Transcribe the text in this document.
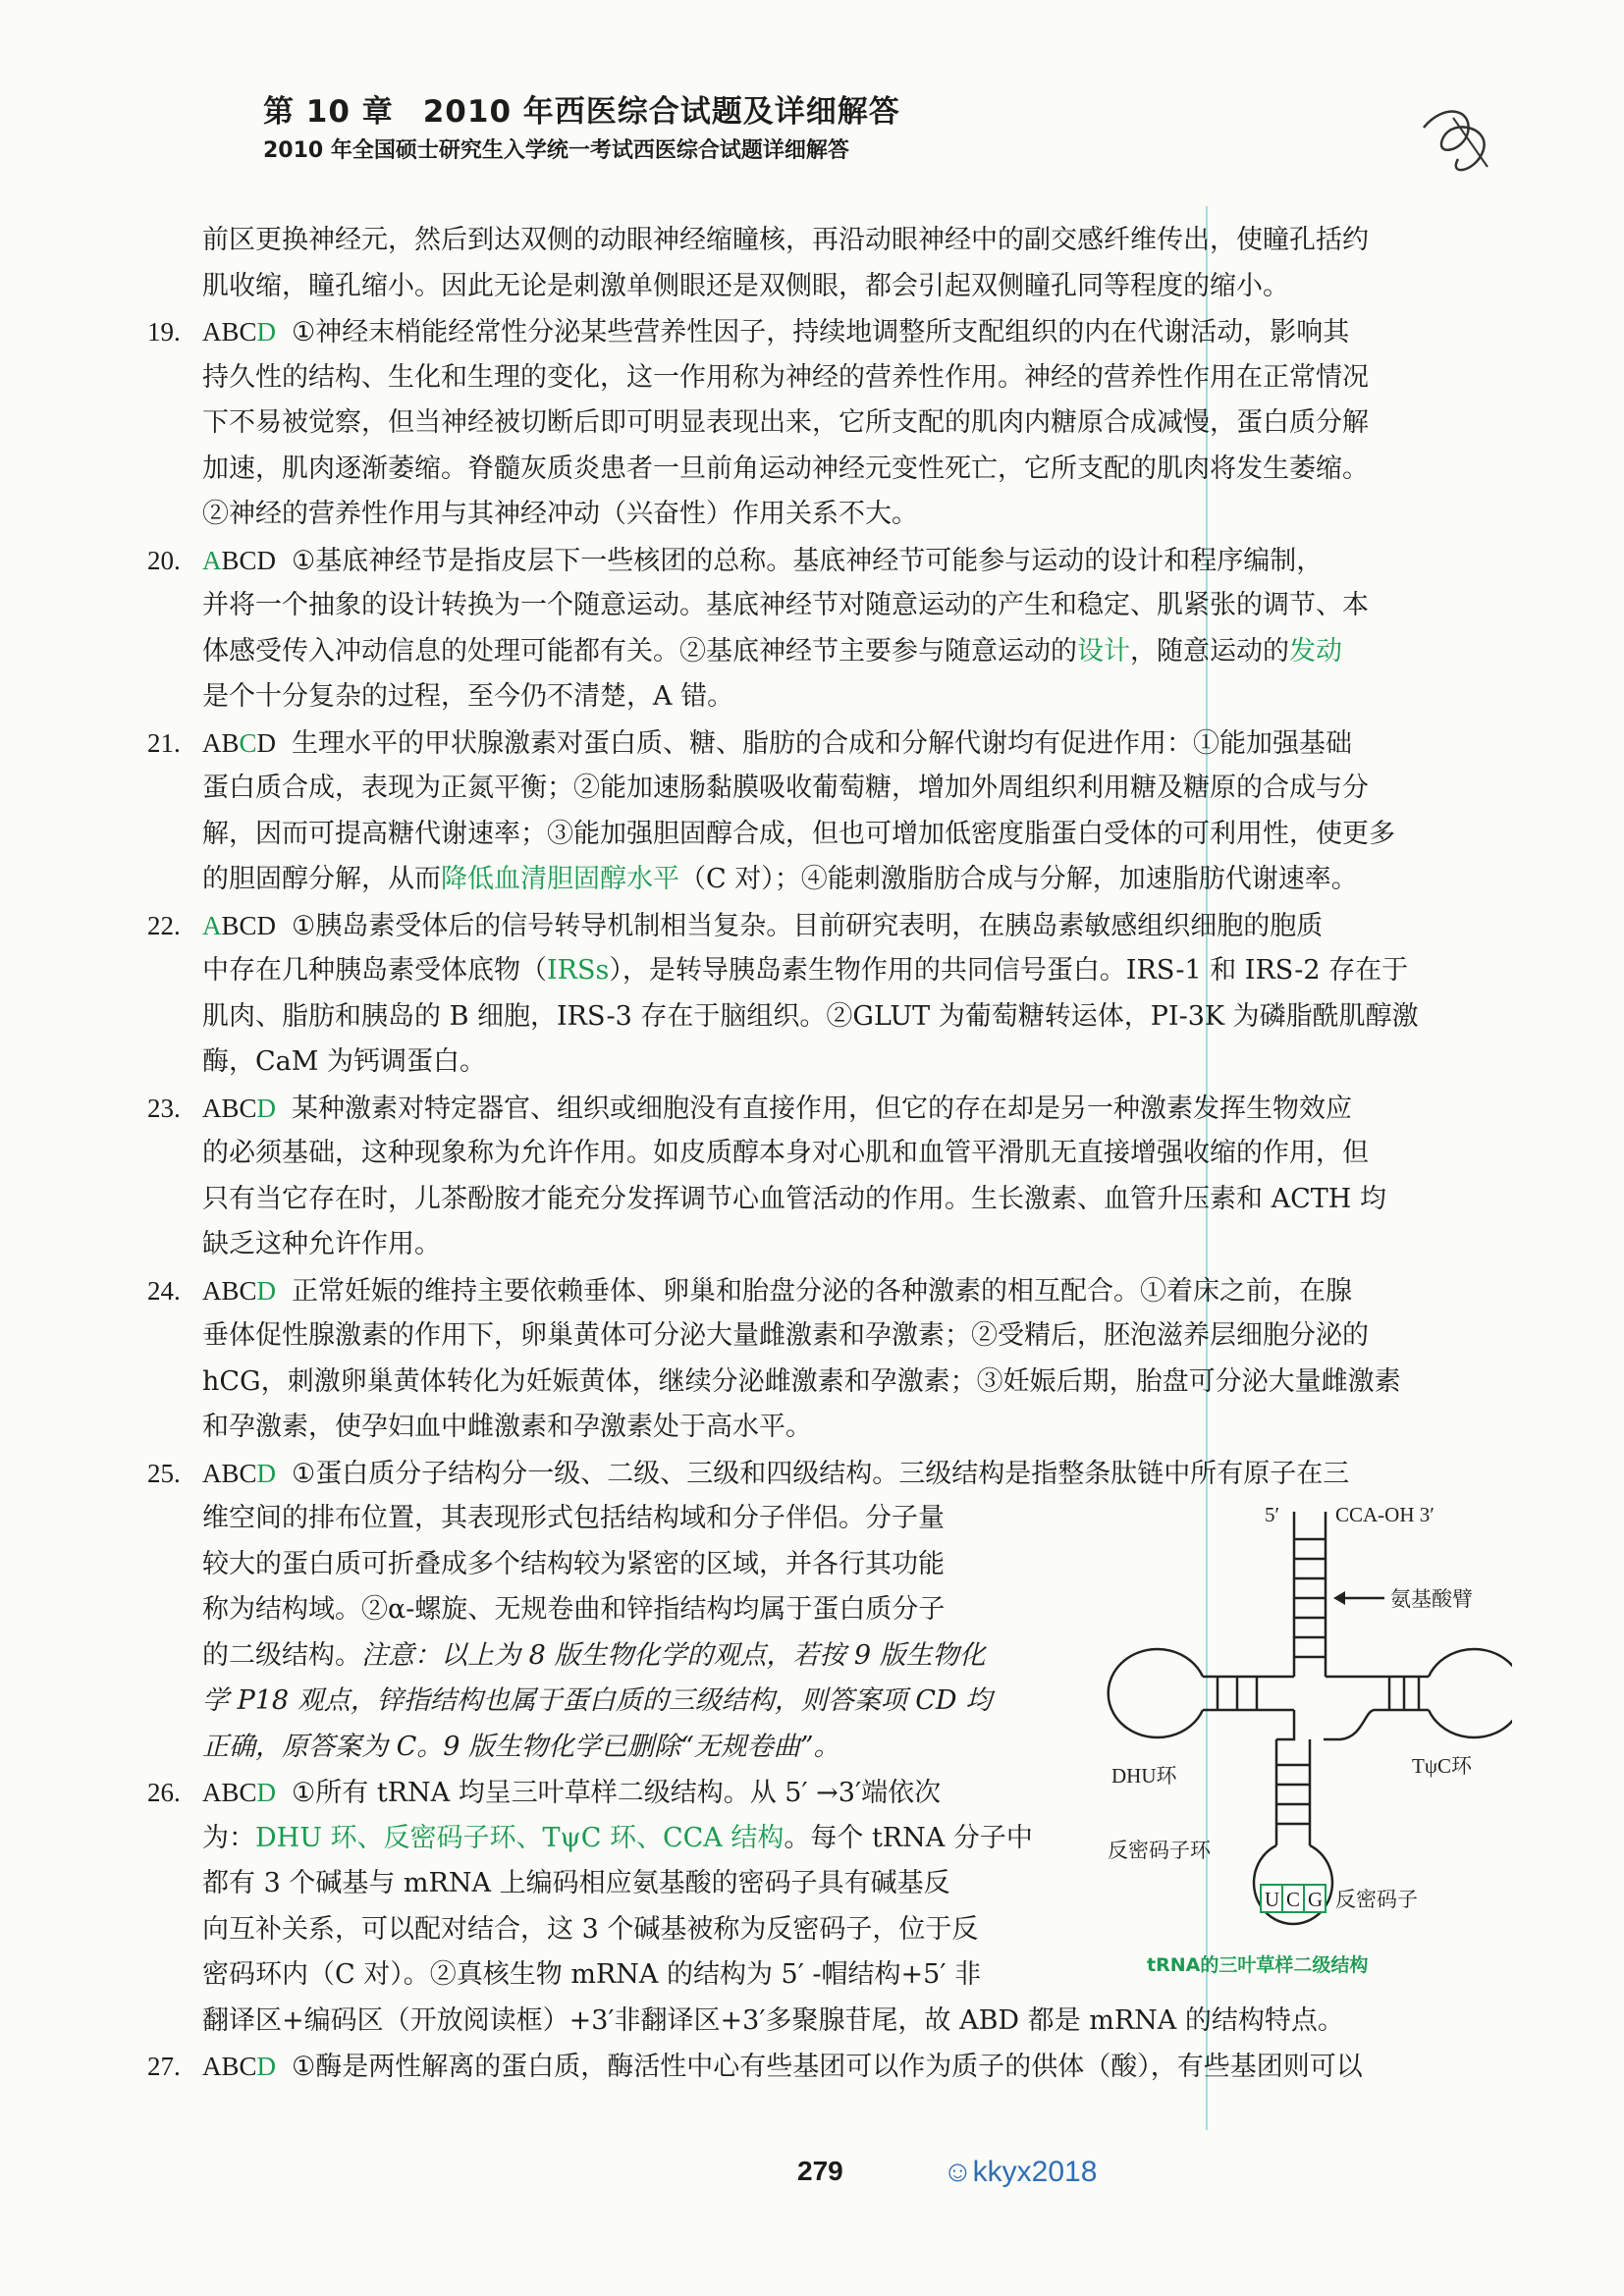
第 10 章 2010 年西医综合试题及详细解答
2010 年全国硕士研究生入学统一考试西医综合试题详细解答
前区更换神经元，然后到达双侧的动眼神经缩瞳核，再沿动眼神经中的副交感纤维传出，使瞳孔括约
肌收缩，瞳孔缩小。因此无论是刺激单侧眼还是双侧眼，都会引起双侧瞳孔同等程度的缩小。
19. ABCD ①神经末梢能经常性分泌某些营养性因子，持续地调整所支配组织的内在代谢活动，影响其
持久性的结构、生化和生理的变化，这一作用称为神经的营养性作用。神经的营养性作用在正常情况
下不易被觉察，但当神经被切断后即可明显表现出来，它所支配的肌肉内糖原合成减慢，蛋白质分解
加速，肌肉逐渐萎缩。脊髓灰质炎患者一旦前角运动神经元变性死亡，它所支配的肌肉将发生萎缩。
②神经的营养性作用与其神经冲动（兴奋性）作用关系不大。
20. ABCD ①基底神经节是指皮层下一些核团的总称。基底神经节可能参与运动的设计和程序编制，
并将一个抽象的设计转换为一个随意运动。基底神经节对随意运动的产生和稳定、肌紧张的调节、本
体感受传入冲动信息的处理可能都有关。②基底神经节主要参与随意运动的设计，随意运动的发动
是个十分复杂的过程，至今仍不清楚，A 错。
21. ABCD 生理水平的甲状腺激素对蛋白质、糖、脂肪的合成和分解代谢均有促进作用：①能加强基础
蛋白质合成，表现为正氮平衡；②能加速肠黏膜吸收葡萄糖，增加外周组织利用糖及糖原的合成与分
解，因而可提高糖代谢速率；③能加强胆固醇合成，但也可增加低密度脂蛋白受体的可利用性，使更多
的胆固醇分解，从而降低血清胆固醇水平（C 对）；④能刺激脂肪合成与分解，加速脂肪代谢速率。
22. ABCD ①胰岛素受体后的信号转导机制相当复杂。目前研究表明，在胰岛素敏感组织细胞的胞质
中存在几种胰岛素受体底物（IRSs），是转导胰岛素生物作用的共同信号蛋白。IRS-1 和 IRS-2 存在于
肌肉、脂肪和胰岛的 B 细胞，IRS-3 存在于脑组织。②GLUT 为葡萄糖转运体，PI-3K 为磷脂酰肌醇激
酶，CaM 为钙调蛋白。
23. ABCD 某种激素对特定器官、组织或细胞没有直接作用，但它的存在却是另一种激素发挥生物效应
的必须基础，这种现象称为允许作用。如皮质醇本身对心肌和血管平滑肌无直接增强收缩的作用，但
只有当它存在时，儿茶酚胺才能充分发挥调节心血管活动的作用。生长激素、血管升压素和 ACTH 均
缺乏这种允许作用。
24. ABCD 正常妊娠的维持主要依赖垂体、卵巢和胎盘分泌的各种激素的相互配合。①着床之前，在腺
垂体促性腺激素的作用下，卵巢黄体可分泌大量雌激素和孕激素；②受精后，胚泡滋养层细胞分泌的
hCG，刺激卵巢黄体转化为妊娠黄体，继续分泌雌激素和孕激素；③妊娠后期，胎盘可分泌大量雌激素
和孕激素，使孕妇血中雌激素和孕激素处于高水平。
25. ABCD ①蛋白质分子结构分一级、二级、三级和四级结构。三级结构是指整条肽链中所有原子在三
维空间的排布位置，其表现形式包括结构域和分子伴侣。分子量
较大的蛋白质可折叠成多个结构较为紧密的区域，并各行其功能
称为结构域。②α-螺旋、无规卷曲和锌指结构均属于蛋白质分子
的二级结构。注意：以上为 8 版生物化学的观点，若按 9 版生物化
学 P18 观点，锌指结构也属于蛋白质的三级结构，则答案项 CD 均
正确，原答案为 C。9 版生物化学已删除“无规卷曲”。
26. ABCD ①所有 tRNA 均呈三叶草样二级结构。从 5′ →3′端依次
为：DHU 环、反密码子环、TψC 环、CCA 结构。每个 tRNA 分子中
都有 3 个碱基与 mRNA 上编码相应氨基酸的密码子具有碱基反
向互补关系，可以配对结合，这 3 个碱基被称为反密码子，位于反
密码环内（C 对）。②真核生物 mRNA 的结构为 5′ -帽结构+5′ 非
翻译区+编码区（开放阅读框）+3′非翻译区+3′多聚腺苷尾，故 ABD 都是 mRNA 的结构特点。
27. ABCD ①酶是两性解离的蛋白质，酶活性中心有些基团可以作为质子的供体（酸），有些基团则可以
5′	CCA-OH 3′
氨基酸臂
DHU环	TψC环
反密码子环
U C G 反密码子
tRNA的三叶草样二级结构
279	☺kkyx2018
